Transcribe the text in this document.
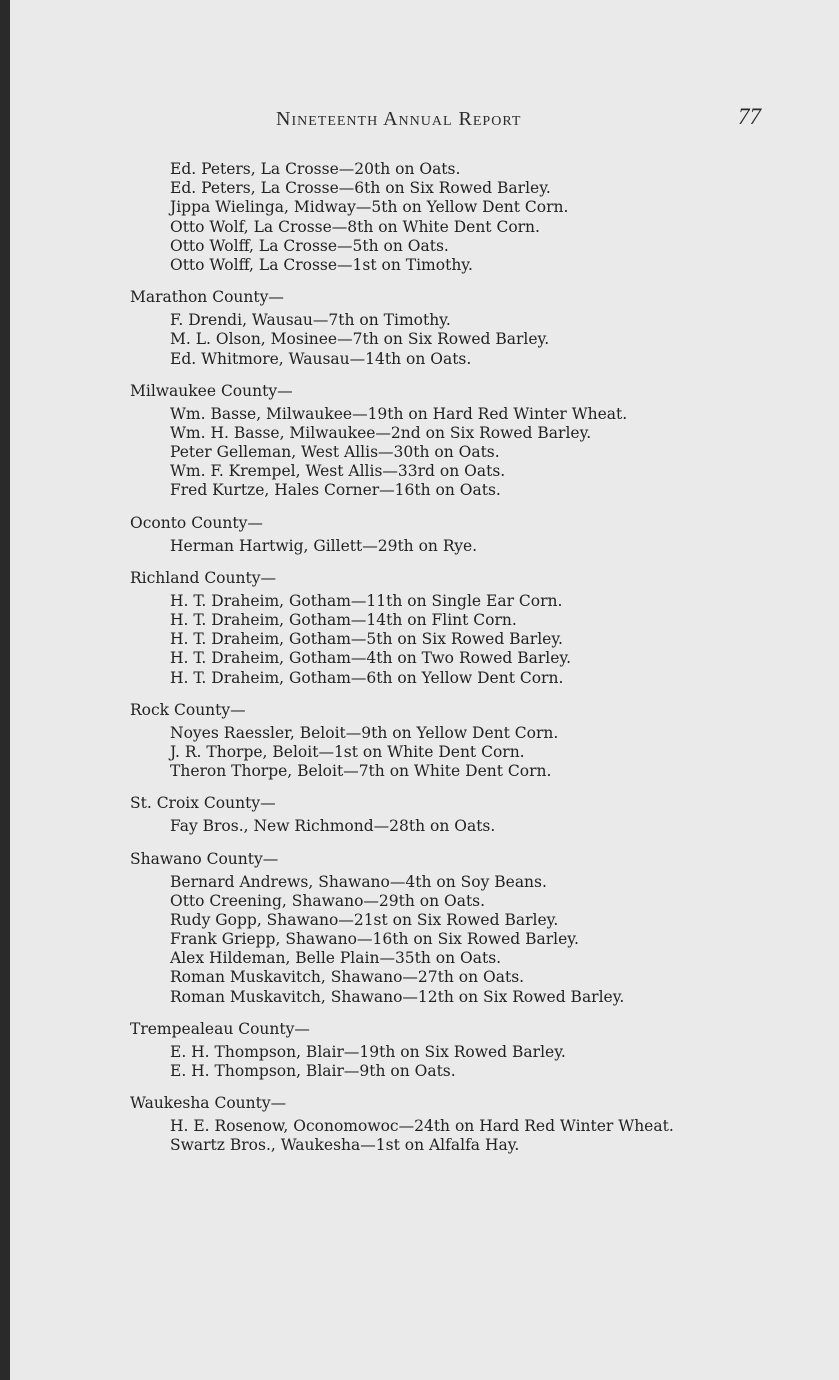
Nineteenth Annual Report	77
Ed. Peters, La Crosse—20th on Oats.
Ed. Peters, La Crosse—6th on Six Rowed Barley.
Jippa Wielinga, Midway—5th on Yellow Dent Corn.
Otto Wolf, La Crosse—8th on White Dent Corn.
Otto Wolff, La Crosse—5th on Oats.
Otto Wolff, La Crosse—1st on Timothy.
Marathon County—
F. Drendi, Wausau—7th on Timothy.
M. L. Olson, Mosinee—7th on Six Rowed Barley.
Ed. Whitmore, Wausau—14th on Oats.
Milwaukee County—
Wm. Basse, Milwaukee—19th on Hard Red Winter Wheat.
Wm. H. Basse, Milwaukee—2nd on Six Rowed Barley.
Peter Gelleman, West Allis—30th on Oats.
Wm. F. Krempel, West Allis—33rd on Oats.
Fred Kurtze, Hales Corner—16th on Oats.
Oconto County—
Herman Hartwig, Gillett—29th on Rye.
Richland County—
H. T. Draheim, Gotham—11th on Single Ear Corn.
H. T. Draheim, Gotham—14th on Flint Corn.
H. T. Draheim, Gotham—5th on Six Rowed Barley.
H. T. Draheim, Gotham—4th on Two Rowed Barley.
H. T. Draheim, Gotham—6th on Yellow Dent Corn.
Rock County—
Noyes Raessler, Beloit—9th on Yellow Dent Corn.
J. R. Thorpe, Beloit—1st on White Dent Corn.
Theron Thorpe, Beloit—7th on White Dent Corn.
St. Croix County—
Fay Bros., New Richmond—28th on Oats.
Shawano County—
Bernard Andrews, Shawano—4th on Soy Beans.
Otto Creening, Shawano—29th on Oats.
Rudy Gopp, Shawano—21st on Six Rowed Barley.
Frank Griepp, Shawano—16th on Six Rowed Barley.
Alex Hildeman, Belle Plain—35th on Oats.
Roman Muskavitch, Shawano—27th on Oats.
Roman Muskavitch, Shawano—12th on Six Rowed Barley.
Trempealeau County—
E. H. Thompson, Blair—19th on Six Rowed Barley.
E. H. Thompson, Blair—9th on Oats.
Waukesha County—
H. E. Rosenow, Oconomowoc—24th on Hard Red Winter Wheat.
Swartz Bros., Waukesha—1st on Alfalfa Hay.
